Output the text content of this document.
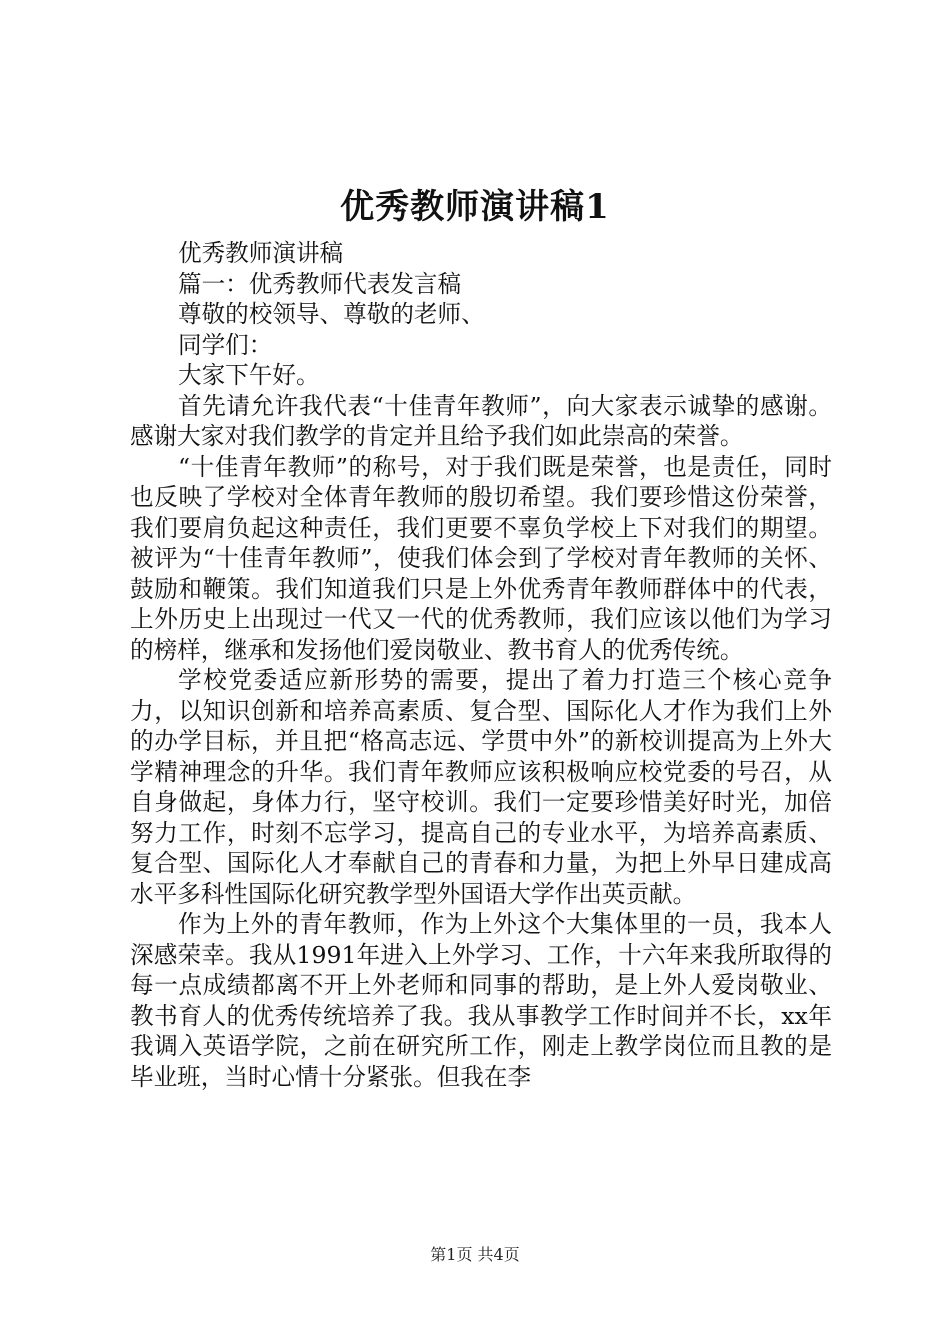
优秀教师演讲稿1

优秀教师演讲稿

篇一：优秀教师代表发言稿

尊敬的校领导、尊敬的老师、

同学们：

大家下午好。

首先请允许我代表“十佳青年教师”，向大家表示诚挚的感谢。感谢大家对我们教学的肯定并且给予我们如此崇高的荣誉。

“十佳青年教师”的称号，对于我们既是荣誉，也是责任，同时也反映了学校对全体青年教师的殷切希望。我们要珍惜这份荣誉，我们要肩负起这种责任，我们更要不辜负学校上下对我们的期望。被评为“十佳青年教师”，使我们体会到了学校对青年教师的关怀、鼓励和鞭策。我们知道我们只是上外优秀青年教师群体中的代表，上外历史上出现过一代又一代的优秀教师，我们应该以他们为学习的榜样，继承和发扬他们爱岗敬业、教书育人的优秀传统。

学校党委适应新形势的需要，提出了着力打造三个核心竞争力，以知识创新和培养高素质、复合型、国际化人才作为我们上外的办学目标，并且把“格高志远、学贯中外”的新校训提高为上外大学精神理念的升华。我们青年教师应该积极响应校党委的号召，从自身做起，身体力行，坚守校训。我们一定要珍惜美好时光，加倍努力工作，时刻不忘学习，提高自己的专业水平，为培养高素质、复合型、国际化人才奉献自己的青春和力量，为把上外早日建成高水平多科性国际化研究教学型外国语大学作出英贡献。

作为上外的青年教师，作为上外这个大集体里的一员，我本人深感荣幸。我从1991年进入上外学习、工作，十六年来我所取得的每一点成绩都离不开上外老师和同事的帮助，是上外人爱岗敬业、教书育人的优秀传统培养了我。我从事教学工作时间并不长，xx年我调入英语学院，之前在研究所工作，刚走上教学岗位而且教的是毕业班，当时心情十分紧张。但我在李

第1页 共4页
